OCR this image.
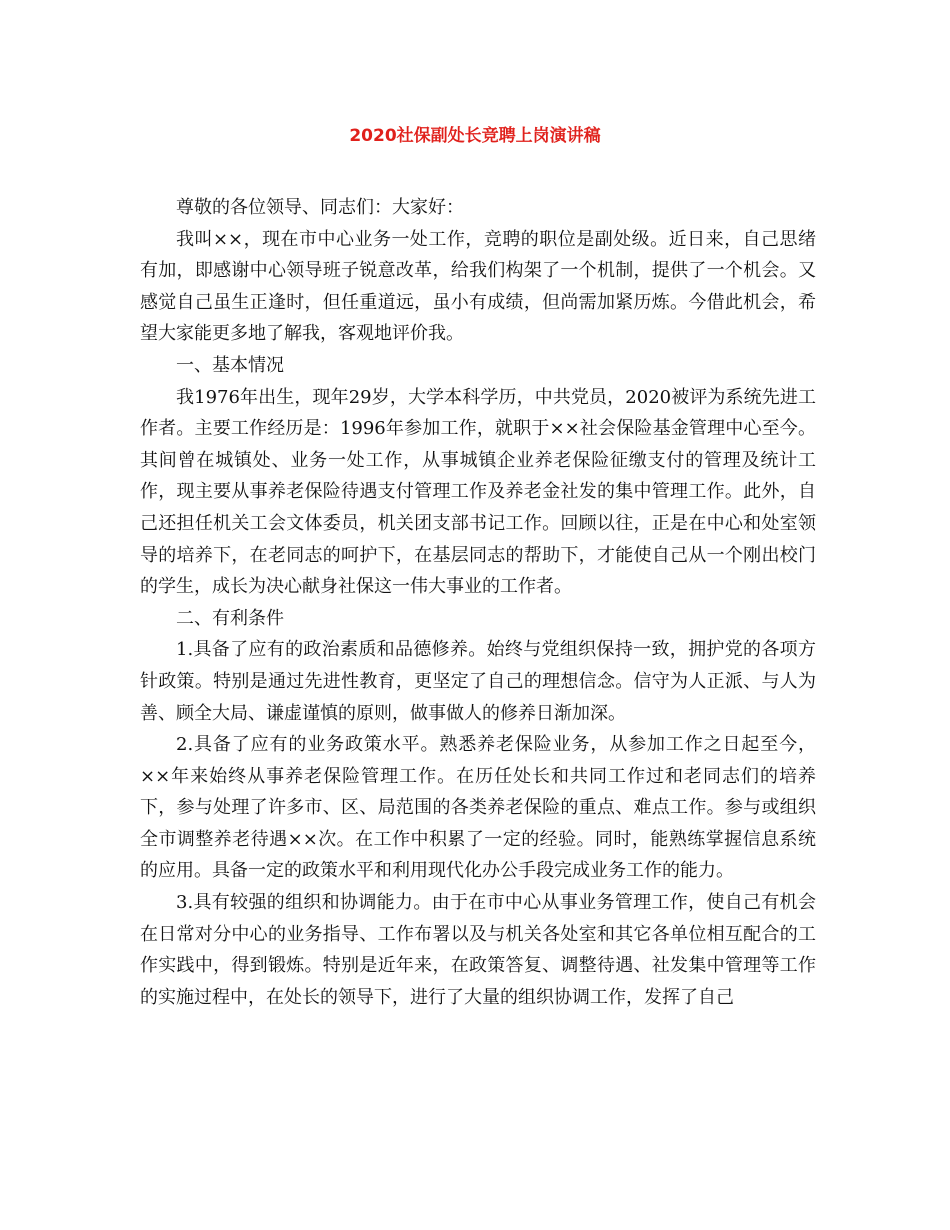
2020社保副处长竞聘上岗演讲稿

尊敬的各位领导、同志们：大家好：

我叫××，现在市中心业务一处工作，竞聘的职位是副处级。近日来，自己思绪有加，即感谢中心领导班子锐意改革，给我们构架了一个机制，提供了一个机会。又感觉自己虽生正逢时，但任重道远，虽小有成绩，但尚需加紧历炼。今借此机会，希望大家能更多地了解我，客观地评价我。

一、基本情况

我1976年出生，现年29岁，大学本科学历，中共党员，2020被评为系统先进工作者。主要工作经历是：1996年参加工作，就职于××社会保险基金管理中心至今。其间曾在城镇处、业务一处工作，从事城镇企业养老保险征缴支付的管理及统计工作，现主要从事养老保险待遇支付管理工作及养老金社发的集中管理工作。此外，自己还担任机关工会文体委员，机关团支部书记工作。回顾以往，正是在中心和处室领导的培养下，在老同志的呵护下，在基层同志的帮助下，才能使自己从一个刚出校门的学生，成长为决心献身社保这一伟大事业的工作者。

二、有利条件

1.具备了应有的政治素质和品德修养。始终与党组织保持一致，拥护党的各项方针政策。特别是通过先进性教育，更坚定了自己的理想信念。信守为人正派、与人为善、顾全大局、谦虚谨慎的原则，做事做人的修养日渐加深。

2.具备了应有的业务政策水平。熟悉养老保险业务，从参加工作之日起至今，××年来始终从事养老保险管理工作。在历任处长和共同工作过和老同志们的培养下，参与处理了许多市、区、局范围的各类养老保险的重点、难点工作。参与或组织全市调整养老待遇××次。在工作中积累了一定的经验。同时，能熟练掌握信息系统的应用。具备一定的政策水平和利用现代化办公手段完成业务工作的能力。

3.具有较强的组织和协调能力。由于在市中心从事业务管理工作，使自己有机会在日常对分中心的业务指导、工作布署以及与机关各处室和其它各单位相互配合的工作实践中，得到锻炼。特别是近年来，在政策答复、调整待遇、社发集中管理等工作的实施过程中，在处长的领导下，进行了大量的组织协调工作，发挥了自己
